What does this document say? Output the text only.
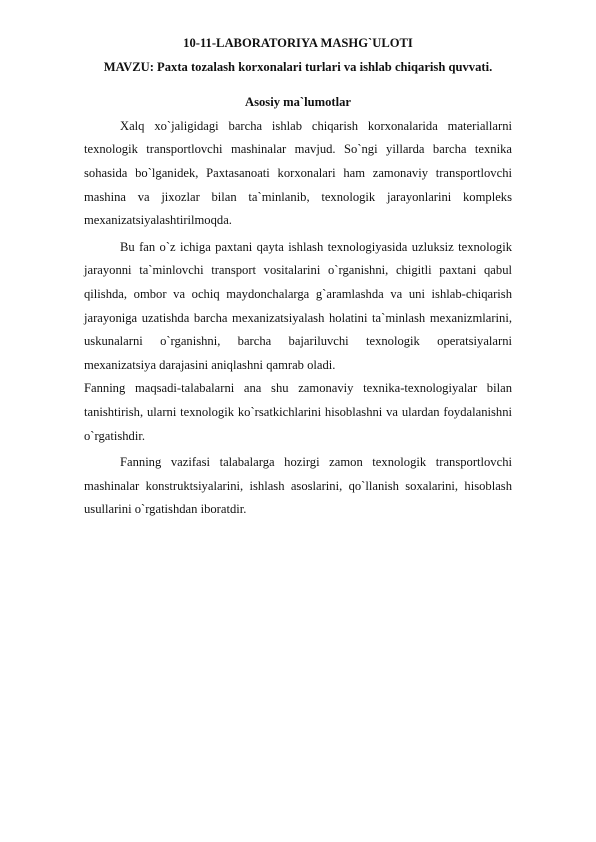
10-11-LABORATORIYA MASHG`ULOTI

MAVZU: Paxta tozalash korxonalari turlari va ishlab chiqarish quvvati.

Asosiy ma`lumotlar

Xalq xo`jaligidagi barcha ishlab chiqarish korxonalarida materiallarni texnologik transportlovchi mashinalar mavjud. So`ngi yillarda barcha texnika sohasida bo`lganidek, Paxtasanoati korxonalari ham zamonaviy transportlovchi mashina va jixozlar bilan ta`minlanib, texnologik jarayonlarini kompleks mexanizatsiyalashtirilmoqda.

Bu fan o`z ichiga paxtani qayta ishlash texnologiyasida uzluksiz texnologik jarayonni ta`minlovchi transport vositalarini o`rganishni, chigitli paxtani qabul qilishda, ombor va ochiq maydonchalarga g`aramlashda va uni ishlab-chiqarish jarayoniga uzatishda barcha mexanizatsiyalash holatini ta`minlash mexanizmlarini, uskunalarni o`rganishni, barcha bajariluvchi texnologik operatsiyalarni mexanizatsiya darajasini aniqlashni qamrab oladi.

Fanning maqsadi-talabalarni ana shu zamonaviy texnika-texnologiyalar bilan tanishtirish, ularni texnologik ko`rsatkichlarini hisoblashni va ulardan foydalanishni o`rgatishdir.

Fanning vazifasi talabalarga hozirgi zamon texnologik transportlovchi mashinalar konstruktsiyalarini, ishlash asoslarini, qo`llanish soxalarini, hisoblash usullarini o`rgatishdan iboratdir.
